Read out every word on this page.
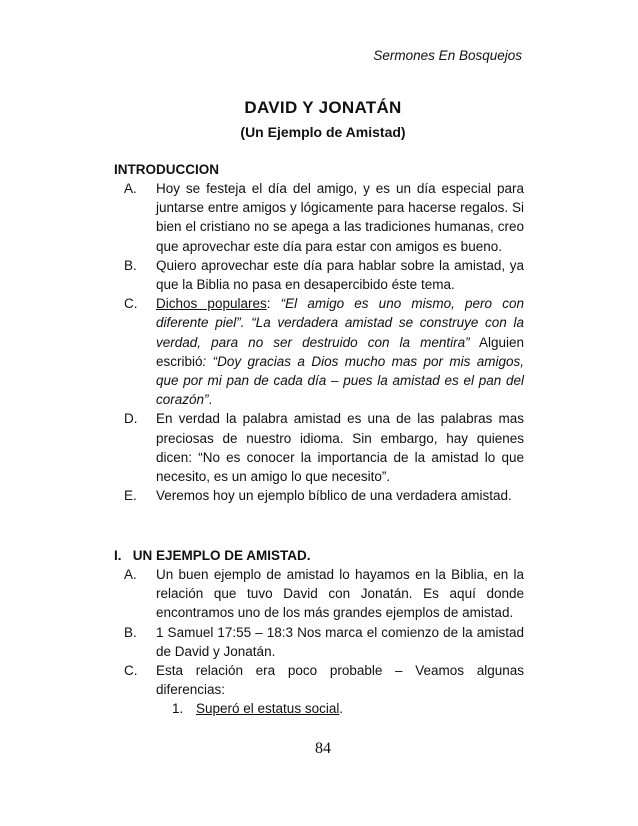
Sermones En Bosquejos
DAVID Y JONATÁN
(Un Ejemplo de Amistad)
INTRODUCCION
A.	Hoy se festeja el día del amigo, y es un día especial para juntarse entre amigos y lógicamente para hacerse regalos. Si bien el cristiano no se apega a las tradiciones humanas, creo que aprovechar este día para estar con amigos es bueno.
B.	Quiero aprovechar este día para hablar sobre la amistad, ya que la Biblia no pasa en desapercibido éste tema.
C.	Dichos populares: “El amigo es uno mismo, pero con diferente piel”. “La verdadera amistad se construye con la verdad, para no ser destruido con la mentira” Alguien escribió: “Doy gracias a Dios mucho mas por mis amigos, que por mi pan de cada día – pues la amistad es el pan del corazón”.
D.	En verdad la palabra amistad es una de las palabras mas preciosas de nuestro idioma. Sin embargo, hay quienes dicen: “No es conocer la importancia de la amistad lo que necesito, es un amigo lo que necesito”.
E.	Veremos hoy un ejemplo bíblico de una verdadera amistad.
I.   UN EJEMPLO DE AMISTAD.
A.	Un buen ejemplo de amistad lo hayamos en la Biblia, en la relación que tuvo David con Jonatán. Es aquí donde encontramos uno de los más grandes ejemplos de amistad.
B.	1 Samuel 17:55 – 18:3 Nos marca el comienzo de la amistad de David y Jonatán.
C.	Esta relación era poco probable – Veamos algunas diferencias:
1. Superó el estatus social.
84
